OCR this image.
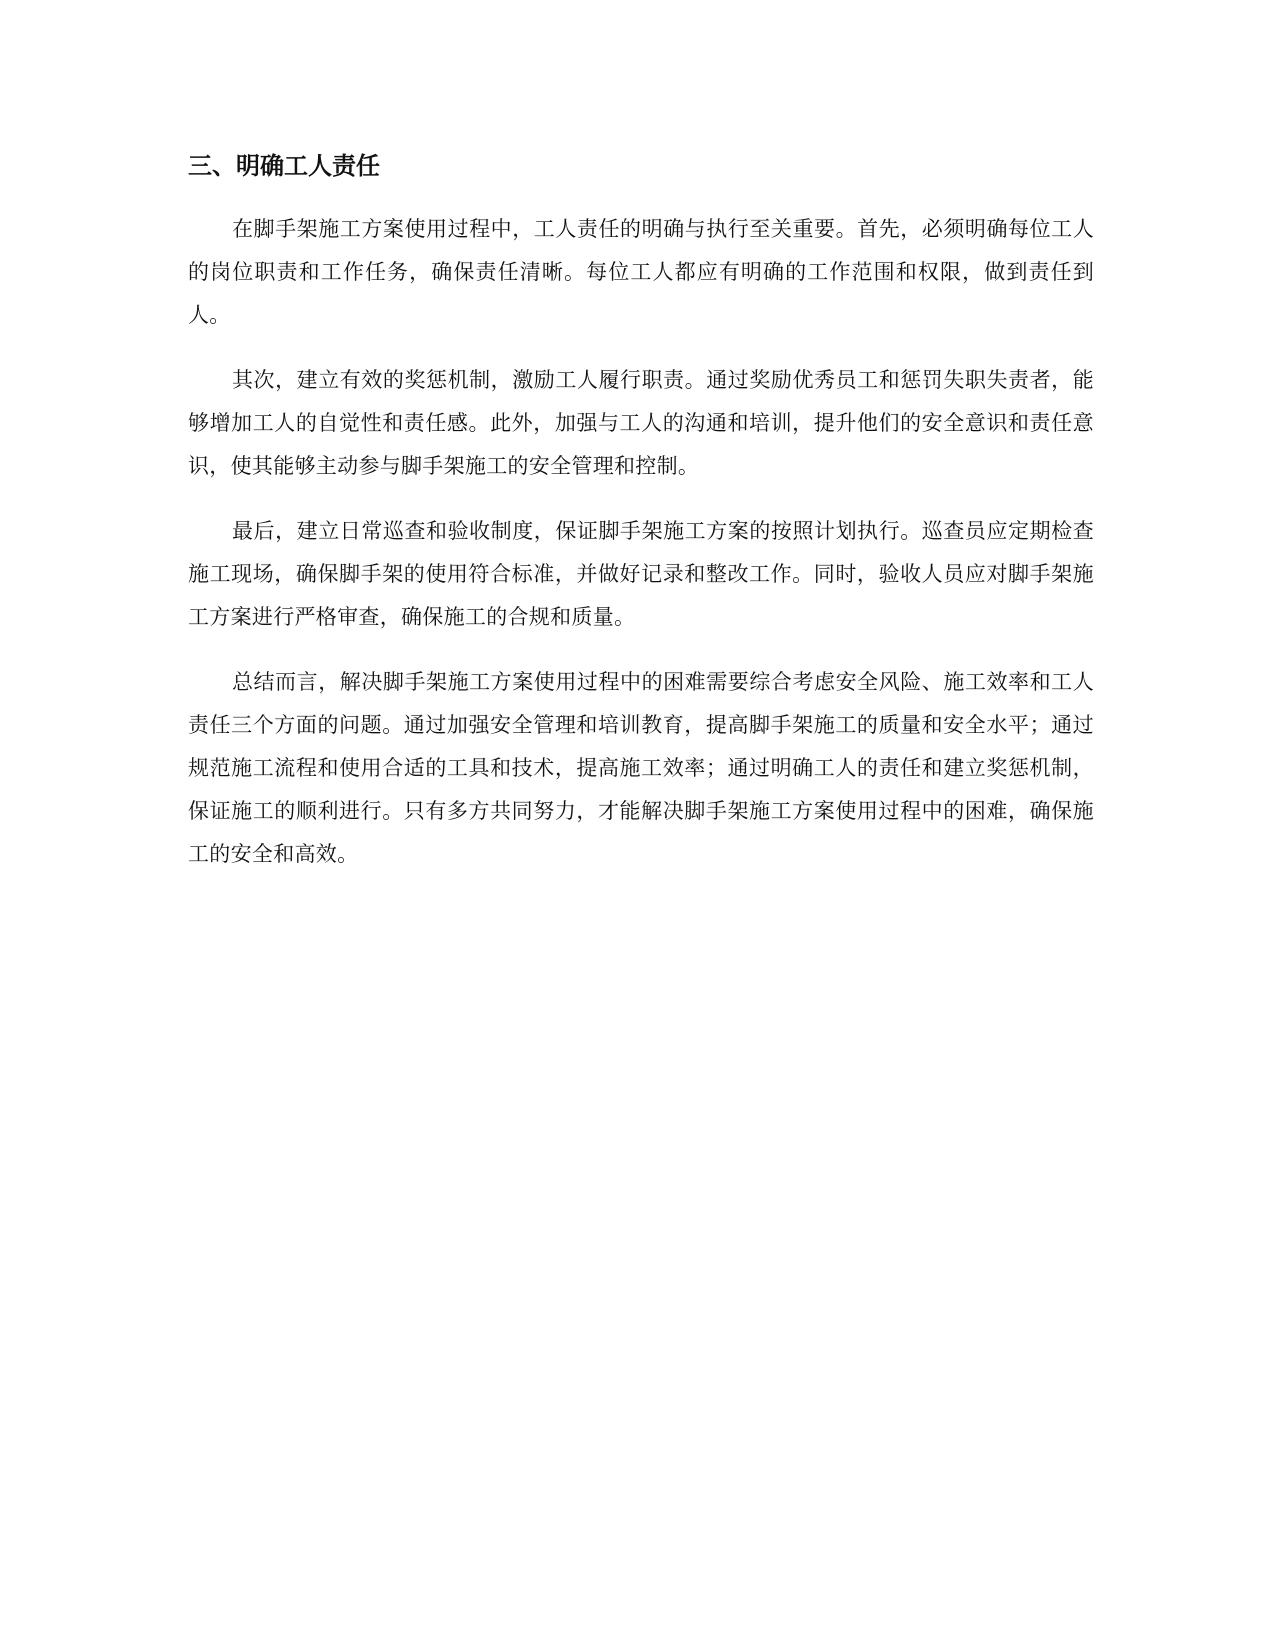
三、明确工人责任

在脚手架施工方案使用过程中，工人责任的明确与执行至关重要。首先，必须明确每位工人的岗位职责和工作任务，确保责任清晰。每位工人都应有明确的工作范围和权限，做到责任到人。

其次，建立有效的奖惩机制，激励工人履行职责。通过奖励优秀员工和惩罚失职失责者，能够增加工人的自觉性和责任感。此外，加强与工人的沟通和培训，提升他们的安全意识和责任意识，使其能够主动参与脚手架施工的安全管理和控制。

最后，建立日常巡查和验收制度，保证脚手架施工方案的按照计划执行。巡查员应定期检查施工现场，确保脚手架的使用符合标准，并做好记录和整改工作。同时，验收人员应对脚手架施工方案进行严格审查，确保施工的合规和质量。

总结而言，解决脚手架施工方案使用过程中的困难需要综合考虑安全风险、施工效率和工人责任三个方面的问题。通过加强安全管理和培训教育，提高脚手架施工的质量和安全水平；通过规范施工流程和使用合适的工具和技术，提高施工效率；通过明确工人的责任和建立奖惩机制，保证施工的顺利进行。只有多方共同努力，才能解决脚手架施工方案使用过程中的困难，确保施工的安全和高效。
